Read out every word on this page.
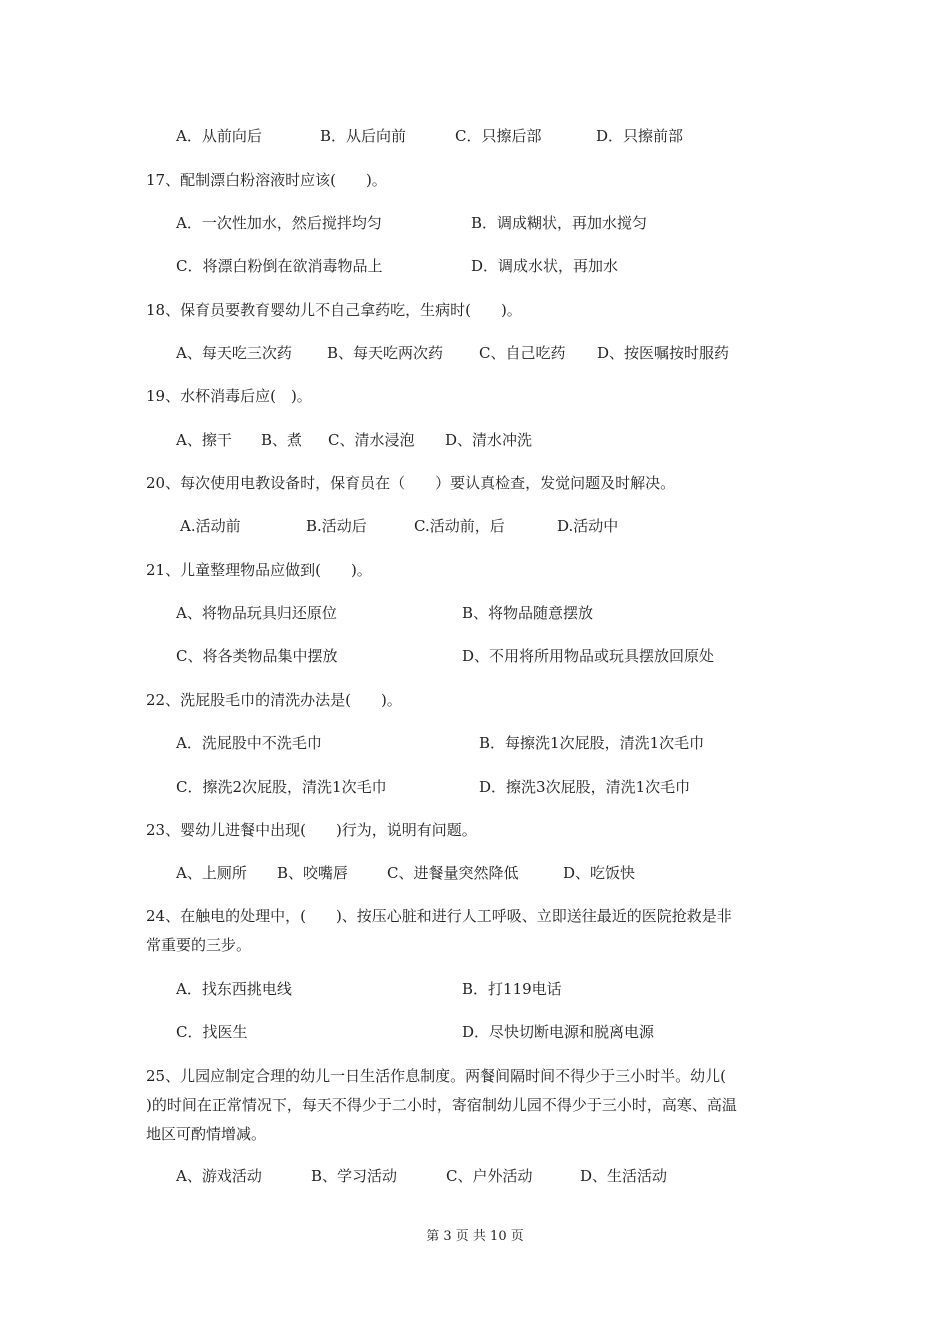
A．从前向后	B．从后向前	C．只擦后部	D．只擦前部
17、配制漂白粉溶液时应该(　　)。
A．一次性加水，然后搅拌均匀	B．调成糊状，再加水搅匀
C．将漂白粉倒在欲消毒物品上	D．调成水状，再加水
18、保育员要教育婴幼儿不自己拿药吃，生病时(　　)。
A、每天吃三次药 B、每天吃两次药 C、自己吃药 D、按医嘱按时服药
19、水杯消毒后应(　)。
A、擦干 B、煮 C、清水浸泡 D、清水冲洗
20、每次使用电教设备时，保育员在（　　）要认真检查，发觉问题及时解决。
A.活动前	B.活动后	C.活动前，后	D.活动中
21、儿童整理物品应做到(　　)。
A、将物品玩具归还原位	B、将物品随意摆放
C、将各类物品集中摆放	D、不用将所用物品或玩具摆放回原处
22、洗屁股毛巾的清洗办法是(　　)。
A．洗屁股中不洗毛巾	B．每擦洗1次屁股，清洗1次毛巾
C．擦洗2次屁股，清洗1次毛巾	D．擦洗3次屁股，清洗1次毛巾
23、婴幼儿进餐中出现(　　)行为，说明有问题。
A、上厕所 B、咬嘴唇	C、进餐量突然降低	D、吃饭快
24、在触电的处理中，(　　)、按压心脏和进行人工呼吸、立即送往最近的医院抢救是非
常重要的三步。
A．找东西挑电线	B．打119电话
C．找医生	D．尽快切断电源和脱离电源
25、儿园应制定合理的幼儿一日生活作息制度。两餐间隔时间不得少于三小时半。幼儿(
)的时间在正常情况下，每天不得少于二小时，寄宿制幼儿园不得少于三小时，高寒、高温
地区可酌情增减。
A、游戏活动	B、学习活动	C、户外活动	D、生活活动
第 3 页 共 10 页
